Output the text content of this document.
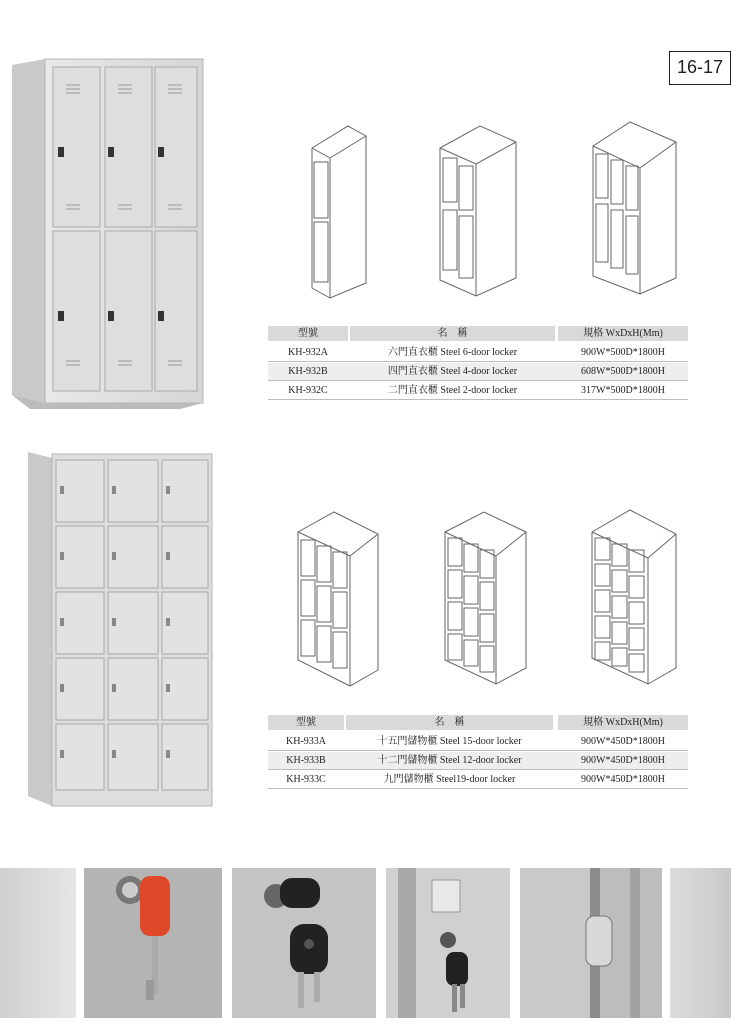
16-17
型號	名　稱	規格 WxDxH(Mm)
KH-932A	六門直衣櫃 Steel 6-door locker	900W*500D*1800H
KH-932B	四門直衣櫃 Steel 4-door locker	608W*500D*1800H
KH-932C	二門直衣櫃 Steel 2-door locker	317W*500D*1800H
型號	名　稱	規格 WxDxH(Mm)
KH-933A	十五門儲物櫃 Steel 15-door locker	900W*450D*1800H
KH-933B	十二門儲物櫃 Steel 12-door locker	900W*450D*1800H
KH-933C	九門儲物櫃 Steel19-door locker	900W*450D*1800H
